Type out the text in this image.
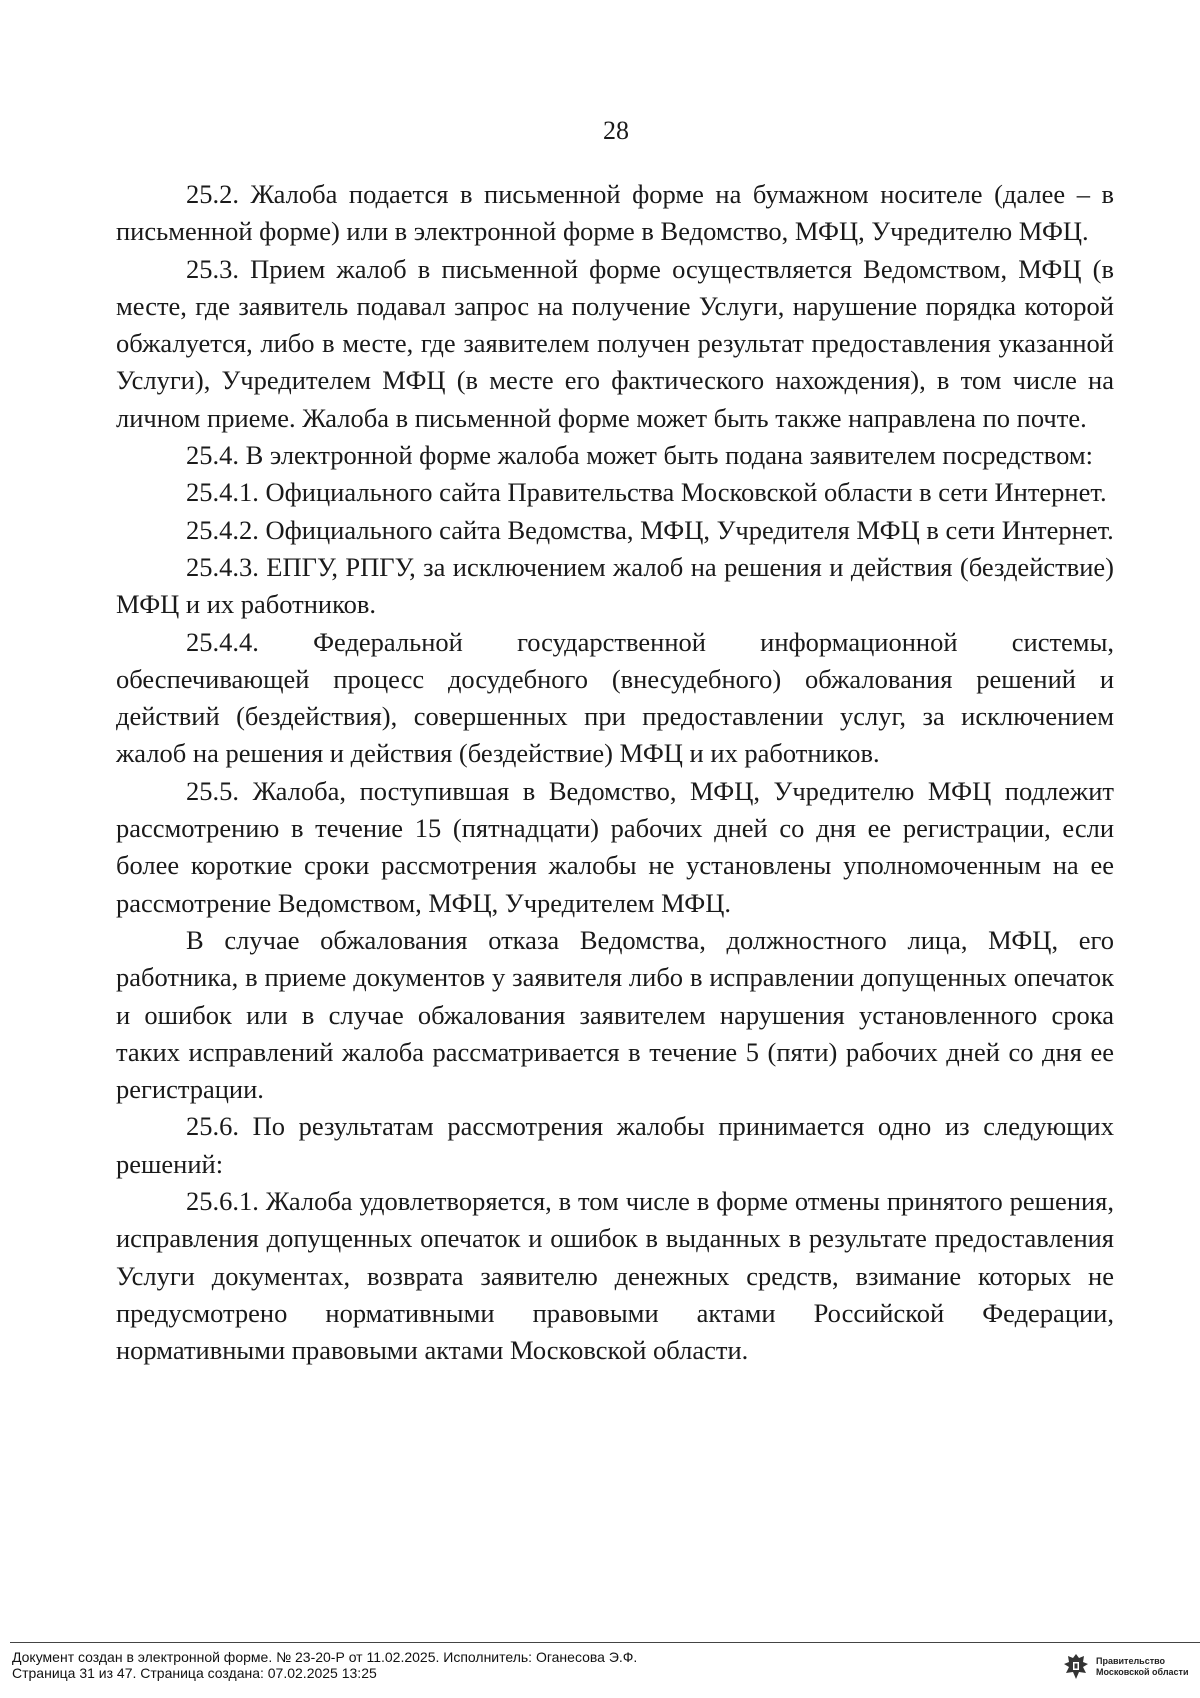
28

25.2. Жалоба подается в письменной форме на бумажном носителе (далее – в письменной форме) или в электронной форме в Ведомство, МФЦ, Учредителю МФЦ.

25.3. Прием жалоб в письменной форме осуществляется Ведомством, МФЦ (в месте, где заявитель подавал запрос на получение Услуги, нарушение порядка которой обжалуется, либо в месте, где заявителем получен результат предоставления указанной Услуги), Учредителем МФЦ (в месте его фактического нахождения), в том числе на личном приеме. Жалоба в письменной форме может быть также направлена по почте.

25.4. В электронной форме жалоба может быть подана заявителем посредством:

25.4.1. Официального сайта Правительства Московской области в сети Интернет.

25.4.2. Официального сайта Ведомства, МФЦ, Учредителя МФЦ в сети Интернет.

25.4.3. ЕПГУ, РПГУ, за исключением жалоб на решения и действия (бездействие) МФЦ и их работников.

25.4.4. Федеральной государственной информационной системы, обеспечивающей процесс досудебного (внесудебного) обжалования решений и действий (бездействия), совершенных при предоставлении услуг, за исключением жалоб на решения и действия (бездействие) МФЦ и их работников.

25.5. Жалоба, поступившая в Ведомство, МФЦ, Учредителю МФЦ подлежит рассмотрению в течение 15 (пятнадцати) рабочих дней со дня ее регистрации, если более короткие сроки рассмотрения жалобы не установлены уполномоченным на ее рассмотрение Ведомством, МФЦ, Учредителем МФЦ.

В случае обжалования отказа Ведомства, должностного лица, МФЦ, его работника, в приеме документов у заявителя либо в исправлении допущенных опечаток и ошибок или в случае обжалования заявителем нарушения установленного срока таких исправлений жалоба рассматривается в течение 5 (пяти) рабочих дней со дня ее регистрации.

25.6. По результатам рассмотрения жалобы принимается одно из следующих решений:

25.6.1. Жалоба удовлетворяется, в том числе в форме отмены принятого решения, исправления допущенных опечаток и ошибок в выданных в результате предоставления Услуги документах, возврата заявителю денежных средств, взимание которых не предусмотрено нормативными правовыми актами Российской Федерации, нормативными правовыми актами Московской области.

Документ создан в электронной форме. № 23-20-Р от 11.02.2025. Исполнитель: Оганесова Э.Ф.
Страница 31 из 47. Страница создана: 07.02.2025 13:25
Правительство
Московской области
